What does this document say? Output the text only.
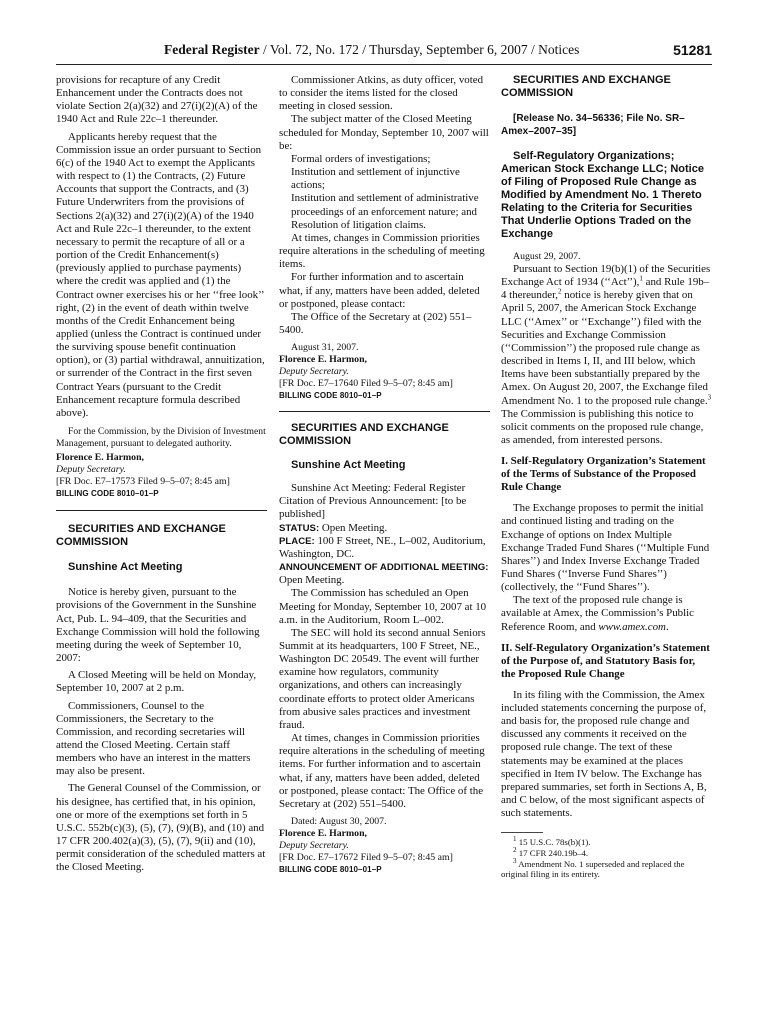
Federal Register / Vol. 72, No. 172 / Thursday, September 6, 2007 / Notices	51281

provisions for recapture of any Credit Enhancement under the Contracts does not violate Section 2(a)(32) and 27(i)(2)(A) of the 1940 Act and Rule 22c–1 thereunder.

Applicants hereby request that the Commission issue an order pursuant to Section 6(c) of the 1940 Act to exempt the Applicants with respect to (1) the Contracts, (2) Future Accounts that support the Contracts, and (3) Future Underwriters from the provisions of Sections 2(a)(32) and 27(i)(2)(A) of the 1940 Act and Rule 22c–1 thereunder, to the extent necessary to permit the recapture of all or a portion of the Credit Enhancement(s) (previously applied to purchase payments) where the credit was applied and (1) the Contract owner exercises his or her ‘‘free look’’ right, (2) in the event of death within twelve months of the Credit Enhancement being applied (unless the Contract is continued under the surviving spouse benefit continuation option), or (3) partial withdrawal, annuitization, or surrender of the Contract in the first seven Contract Years (pursuant to the Credit Enhancement recapture formula described above).

For the Commission, by the Division of Investment Management, pursuant to delegated authority.

Florence E. Harmon,

Deputy Secretary.

[FR Doc. E7–17573 Filed 9–5–07; 8:45 am]

BILLING CODE 8010–01–P

SECURITIES AND EXCHANGE COMMISSION

Sunshine Act Meeting

Notice is hereby given, pursuant to the provisions of the Government in the Sunshine Act, Pub. L. 94–409, that the Securities and Exchange Commission will hold the following meeting during the week of September 10, 2007:

A Closed Meeting will be held on Monday, September 10, 2007 at 2 p.m.

Commissioners, Counsel to the Commissioners, the Secretary to the Commission, and recording secretaries will attend the Closed Meeting. Certain staff members who have an interest in the matters may also be present.

The General Counsel of the Commission, or his designee, has certified that, in his opinion, one or more of the exemptions set forth in 5 U.S.C. 552b(c)(3), (5), (7), (9)(B), and (10) and 17 CFR 200.402(a)(3), (5), (7), 9(ii) and (10), permit consideration of the scheduled matters at the Closed Meeting.

Commissioner Atkins, as duty officer, voted to consider the items listed for the closed meeting in closed session.

The subject matter of the Closed Meeting scheduled for Monday, September 10, 2007 will be:

Formal orders of investigations;

Institution and settlement of injunctive actions;

Institution and settlement of administrative proceedings of an enforcement nature; and

Resolution of litigation claims.

At times, changes in Commission priorities require alterations in the scheduling of meeting items.

For further information and to ascertain what, if any, matters have been added, deleted or postponed, please contact:

The Office of the Secretary at (202) 551–5400.

August 31, 2007.

Florence E. Harmon,

Deputy Secretary.

[FR Doc. E7–17640 Filed 9–5–07; 8:45 am]

BILLING CODE 8010–01–P

SECURITIES AND EXCHANGE COMMISSION

Sunshine Act Meeting

Sunshine Act Meeting: Federal Register Citation of Previous Announcement: [to be published]

STATUS: Open Meeting.

PLACE: 100 F Street, NE., L–002, Auditorium, Washington, DC.

ANNOUNCEMENT OF ADDITIONAL MEETING: Open Meeting.

The Commission has scheduled an Open Meeting for Monday, September 10, 2007 at 10 a.m. in the Auditorium, Room L–002.

The SEC will hold its second annual Seniors Summit at its headquarters, 100 F Street, NE., Washington DC 20549. The event will further examine how regulators, community organizations, and others can increasingly coordinate efforts to protect older Americans from abusive sales practices and investment fraud.

At times, changes in Commission priorities require alterations in the scheduling of meeting items. For further information and to ascertain what, if any, matters have been added, deleted or postponed, please contact: The Office of the Secretary at (202) 551–5400.

Dated: August 30, 2007.

Florence E. Harmon,

Deputy Secretary.

[FR Doc. E7–17672 Filed 9–5–07; 8:45 am]

BILLING CODE 8010–01–P

SECURITIES AND EXCHANGE COMMISSION

[Release No. 34–56336; File No. SR–Amex–2007–35]

Self-Regulatory Organizations; American Stock Exchange LLC; Notice of Filing of Proposed Rule Change as Modified by Amendment No. 1 Thereto Relating to the Criteria for Securities That Underlie Options Traded on the Exchange

August 29, 2007.

Pursuant to Section 19(b)(1) of the Securities Exchange Act of 1934 (‘‘Act’’),$^1$ and Rule 19b–4 thereunder,$^2$ notice is hereby given that on April 5, 2007, the American Stock Exchange LLC (‘‘Amex’’ or ‘‘Exchange’’) filed with the Securities and Exchange Commission (‘‘Commission’’) the proposed rule change as described in Items I, II, and III below, which Items have been substantially prepared by the Amex. On August 20, 2007, the Exchange filed Amendment No. 1 to the proposed rule change.$^3$ The Commission is publishing this notice to solicit comments on the proposed rule change, as amended, from interested persons.

I. Self-Regulatory Organization’s Statement of the Terms of Substance of the Proposed Rule Change

The Exchange proposes to permit the initial and continued listing and trading on the Exchange of options on Index Multiple Exchange Traded Fund Shares (‘‘Multiple Fund Shares’’) and Index Inverse Exchange Traded Fund Shares (‘‘Inverse Fund Shares’’) (collectively, the ‘‘Fund Shares’’).

The text of the proposed rule change is available at Amex, the Commission’s Public Reference Room, and www.amex.com.

II. Self-Regulatory Organization’s Statement of the Purpose of, and Statutory Basis for, the Proposed Rule Change

In its filing with the Commission, the Amex included statements concerning the purpose of, and basis for, the proposed rule change and discussed any comments it received on the proposed rule change. The text of these statements may be examined at the places specified in Item IV below. The Exchange has prepared summaries, set forth in Sections A, B, and C below, of the most significant aspects of such statements.

$^1$ 15 U.S.C. 78s(b)(1).

$^2$ 17 CFR 240.19b–4.

$^3$ Amendment No. 1 superseded and replaced the original filing in its entirety.
